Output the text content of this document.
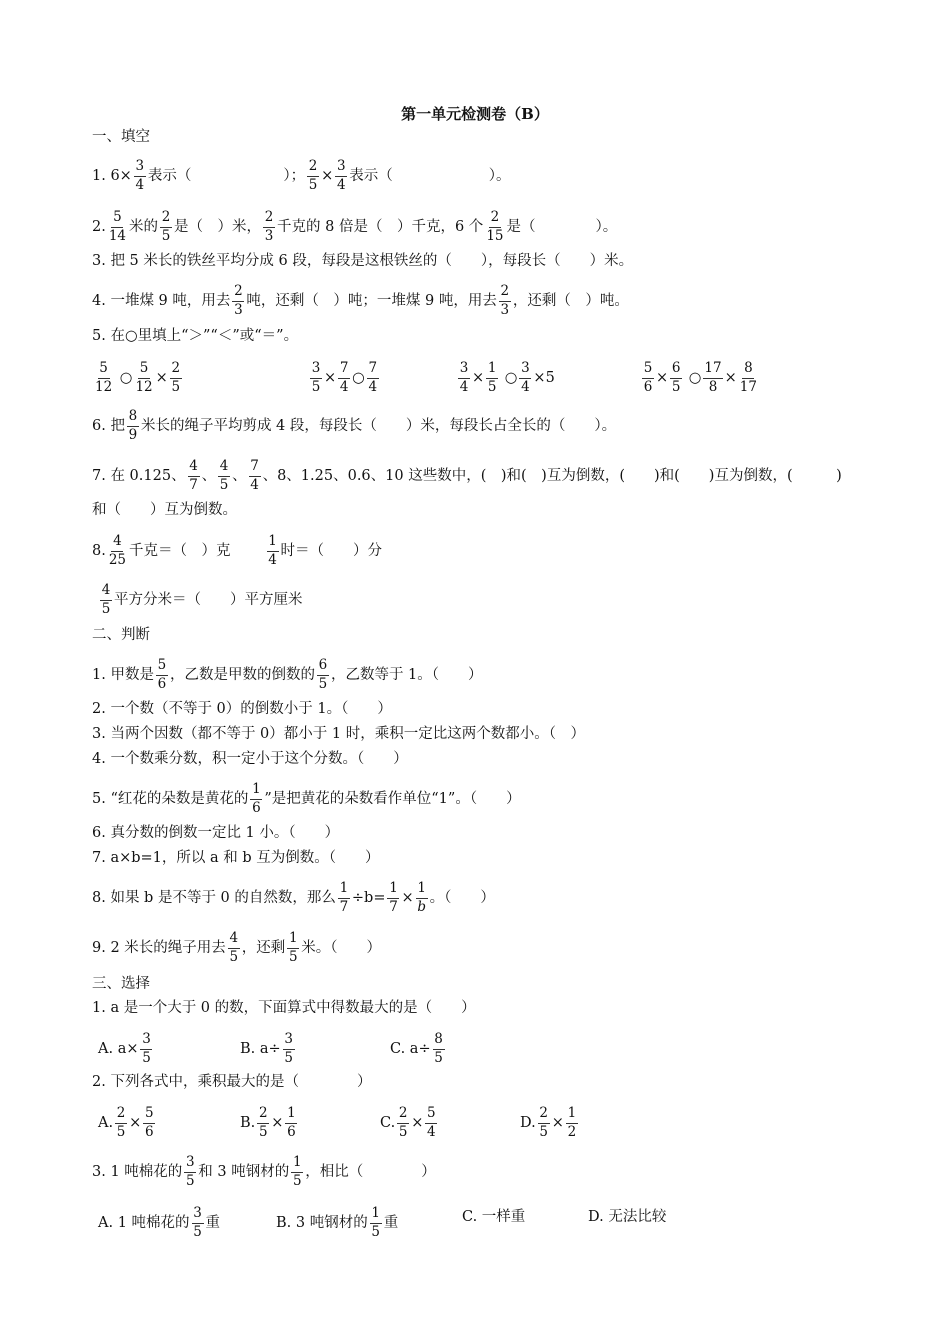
第一单元检测卷（B）
一、填空
1. $6\times \frac{3}{4}$ 表示（	）； $\frac{2}{5} \times \frac{3}{4}$ 表示（	）。
2. $\frac{5}{14}$ 米的 $\frac{2}{5}$ 是（　）米， $\frac{2}{3}$ 千克的 8 倍是（　）千克，6 个 $\frac{2}{15}$ 是（	）。
3. 把 5 米长的铁丝平均分成 6 段，每段是这根铁丝的（　　），每段长（　　）米。
4. 一堆煤 9 吨，用去 $\frac{2}{3}$ 吨，还剩（　）吨；一堆煤 9 吨，用去 $\frac{2}{3}$ ，还剩（　）吨。
5. 在○里填上“＞”“＜”或“＝”。
$\frac{5}{12}$ ○ $\frac{5}{12} \times \frac{2}{5}$	$\frac{3}{5} \times \frac{7}{4}$ ○ $\frac{7}{4}$	$\frac{3}{4} \times \frac{1}{5}$ ○ $\frac{3}{4} \times 5$	$\frac{5}{6} \times \frac{6}{5}$ ○ $\frac{17}{8} \times \frac{8}{17}$
6. 把 $\frac{8}{9}$ 米长的绳子平均剪成 4 段，每段长（　　）米，每段长占全长的（　　）。
7. 在 0.125、 $\frac{4}{7}$ 、 $\frac{4}{5}$ 、 $\frac{7}{4}$ 、8、1.25、0.6、10 这些数中，(　)和(　)互为倒数，(　　)和(　　)互为倒数，(　　　)
和（　　）互为倒数。
8. $\frac{4}{25}$ 千克＝（　）克	$\frac{1}{4}$ 时＝（　　）分
$\frac{4}{5}$ 平方分米＝（　　）平方厘米
二、判断
1. 甲数是 $\frac{5}{6}$ ，乙数是甲数的倒数的 $\frac{6}{5}$ ，乙数等于 1。（　　）
2. 一个数（不等于 0）的倒数小于 1。（　　）
3. 当两个因数（都不等于 0）都小于 1 时，乘积一定比这两个数都小。（　）
4. 一个数乘分数，积一定小于这个分数。（　　）
5. “红花的朵数是黄花的 $\frac{1}{6}$ ”是把黄花的朵数看作单位“1”。（　　）
6. 真分数的倒数一定比 1 小。（　　）
7. a×b=1，所以 a 和 b 互为倒数。（　　）
8. 如果 b 是不等于 0 的自然数，那么 $\frac{1}{7} \div b= \frac{1}{7} \times \frac{1}{b}$ 。（　　）
9. 2 米长的绳子用去 $\frac{4}{5}$ ，还剩 $\frac{1}{5}$ 米。（　　）
三、选择
1. a 是一个大于 0 的数，下面算式中得数最大的是（　　）
A. $a\times \frac{3}{5}$	B. $a\div \frac{3}{5}$	C. $a\div \frac{8}{5}$
2. 下列各式中，乘积最大的是（　　　　）
A. $\frac{2}{5} \times \frac{5}{6}$	B. $\frac{2}{5} \times \frac{1}{6}$	C. $\frac{2}{5} \times \frac{5}{4}$	D. $\frac{2}{5} \times \frac{1}{2}$
3. 1 吨棉花的 $\frac{3}{5}$ 和 3 吨钢材的 $\frac{1}{5}$ ，相比（　　　　）
A. 1 吨棉花的 $\frac{3}{5}$ 重	B. 3 吨钢材的 $\frac{1}{5}$ 重	C. 一样重	D. 无法比较
